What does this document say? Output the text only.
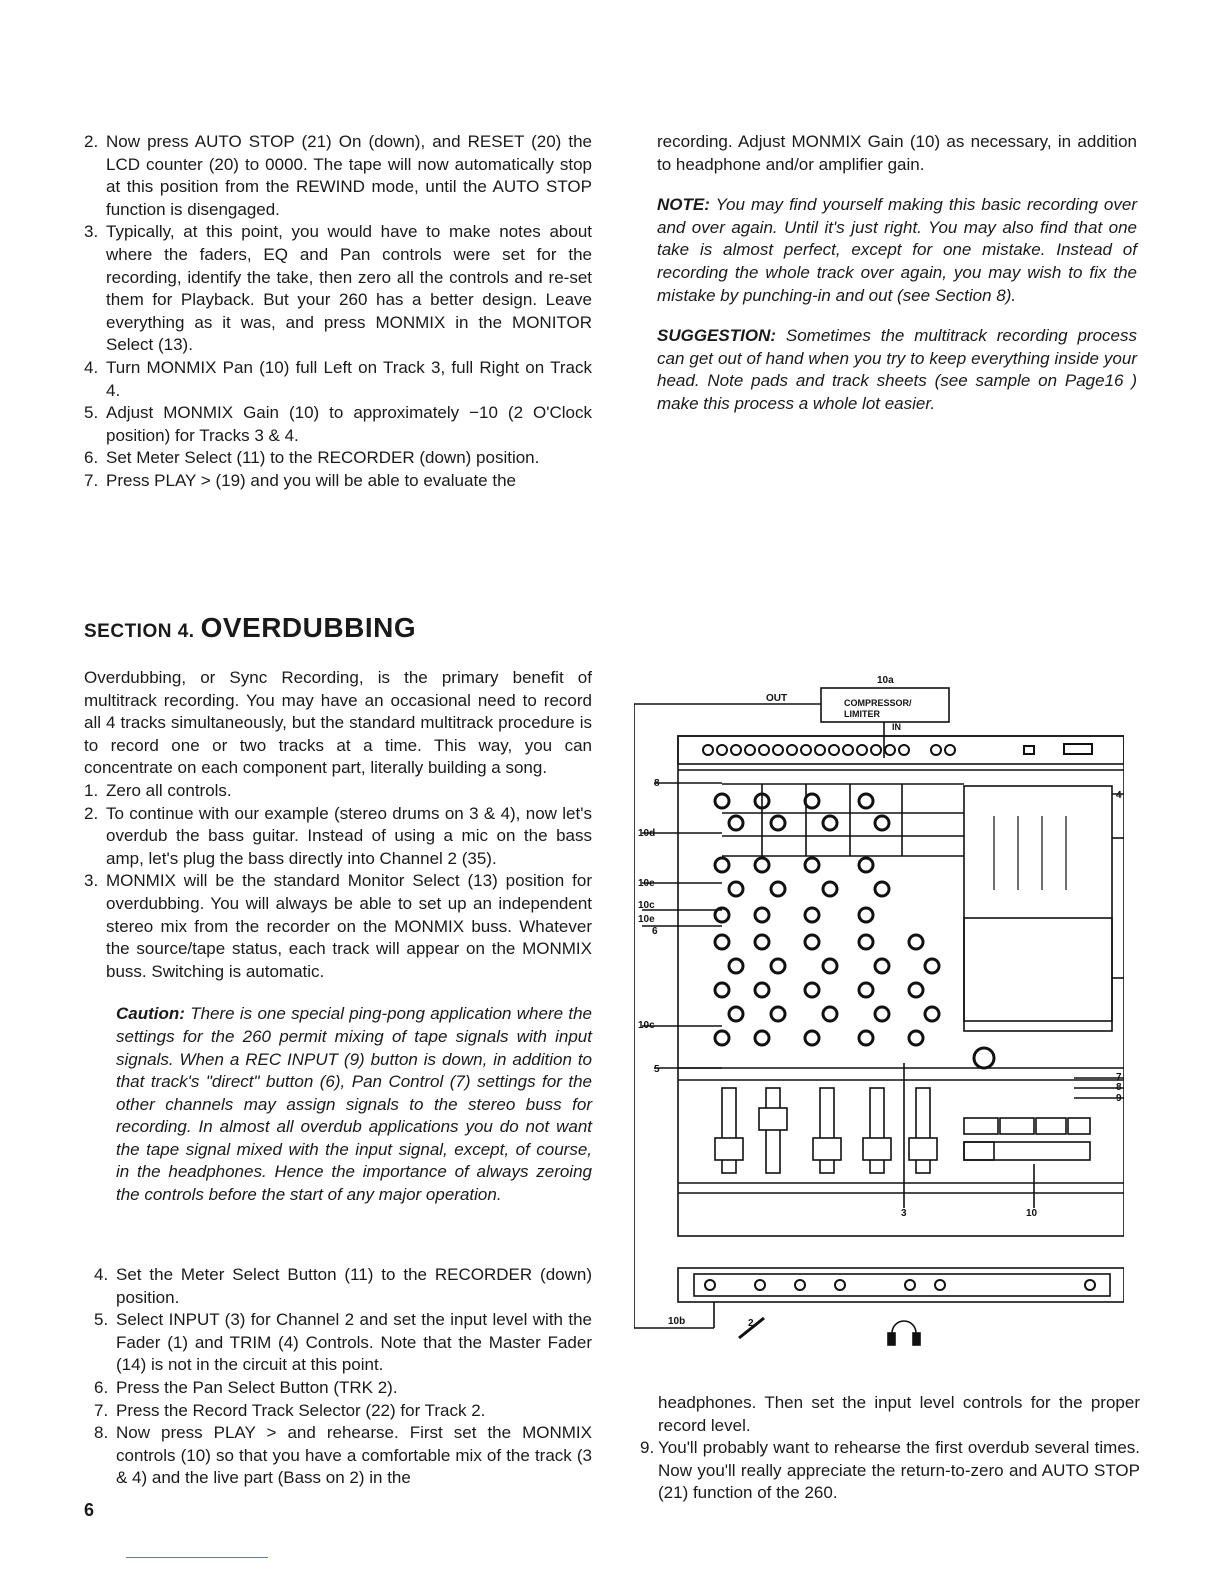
2. Now press AUTO STOP (21) On (down), and RESET (20) the LCD counter (20) to 0000. The tape will now automatically stop at this position from the REWIND mode, until the AUTO STOP function is disengaged.
3. Typically, at this point, you would have to make notes about where the faders, EQ and Pan controls were set for the recording, identify the take, then zero all the controls and re-set them for Playback. But your 260 has a better design. Leave everything as it was, and press MONMIX in the MONITOR Select (13).
4. Turn MONMIX Pan (10) full Left on Track 3, full Right on Track 4.
5. Adjust MONMIX Gain (10) to approximately −10 (2 O'Clock position) for Tracks 3 & 4.
6. Set Meter Select (11) to the RECORDER (down) position.
7. Press PLAY > (19) and you will be able to evaluate the

recording. Adjust MONMIX Gain (10) as necessary, in addition to headphone and/or amplifier gain.

NOTE: You may find yourself making this basic recording over and over again. Until it's just right. You may also find that one take is almost perfect, except for one mistake. Instead of recording the whole track over again, you may wish to fix the mistake by punching-in and out (see Section 8).

SUGGESTION: Sometimes the multitrack recording process can get out of hand when you try to keep everything inside your head. Note pads and track sheets (see sample on Page16 ) make this process a whole lot easier.

SECTION 4. OVERDUBBING

Overdubbing, or Sync Recording, is the primary benefit of multitrack recording. You may have an occasional need to record all 4 tracks simultaneously, but the standard multitrack procedure is to record one or two tracks at a time. This way, you can concentrate on each component part, literally building a song.

1. Zero all controls.
2. To continue with our example (stereo drums on 3 & 4), now let's overdub the bass guitar. Instead of using a mic on the bass amp, let's plug the bass directly into Channel 2 (35).
3. MONMIX will be the standard Monitor Select (13) position for overdubbing. You will always be able to set up an independent stereo mix from the recorder on the MONMIX buss. Whatever the source/tape status, each track will appear on the MONMIX buss. Switching is automatic.

Caution: There is one special ping-pong application where the settings for the 260 permit mixing of tape signals with input signals. When a REC INPUT (9) button is down, in addition to that track's "direct" button (6), Pan Control (7) settings for the other channels may assign signals to the stereo buss for recording. In almost all overdub applications you do not want the tape signal mixed with the input signal, except, of course, in the headphones. Hence the importance of always zeroing the controls before the start of any major operation.

4. Set the Meter Select Button (11) to the RECORDER (down) position.
5. Select INPUT (3) for Channel 2 and set the input level with the Fader (1) and TRIM (4) Controls. Note that the Master Fader (14) is not in the circuit at this point.
6. Press the Pan Select Button (TRK 2).
7. Press the Record Track Selector (22) for Track 2.
8. Now press PLAY > and rehearse. First set the MONMIX controls (10) so that you have a comfortable mix of the track (3 & 4) and the live part (Bass on 2) in the

headphones. Then set the input level controls for the proper record level.

9. You'll probably want to rehearse the first overdub several times. Now you'll really appreciate the return-to-zero and AUTO STOP (21) function of the 260.
10a
OUT	COMPRESSOR/
LIMITER
IN
8
10d
10e
10c
10e
6
10c
5
4
7
8
9
3	10
10b	2
6
